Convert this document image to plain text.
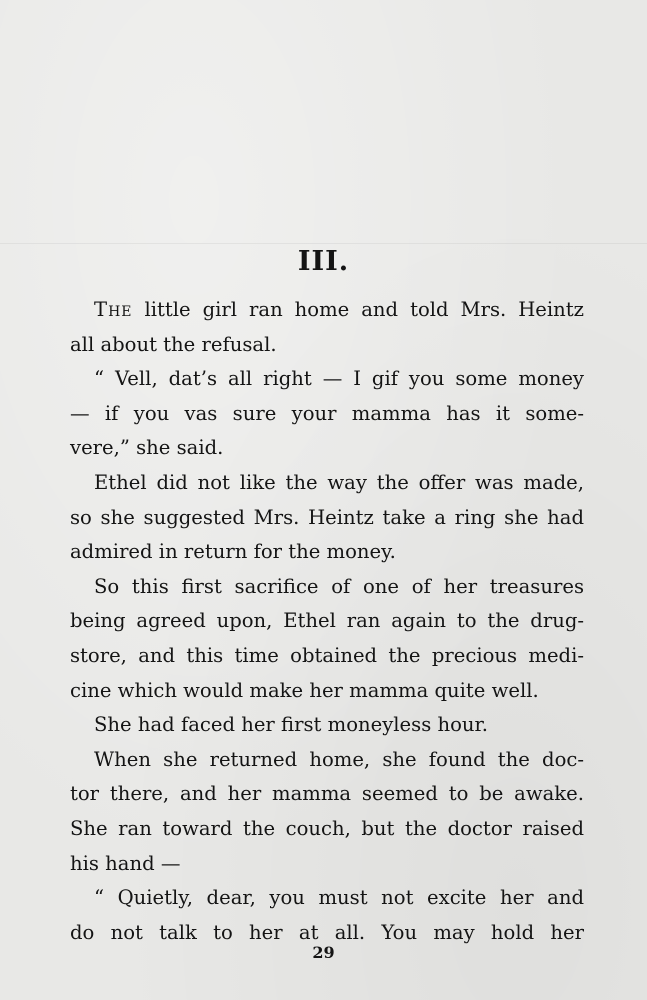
III.
The little girl ran home and told Mrs. Heintz
all about the refusal.
“ Vell, dat’s all right — I gif you some money
— if you vas sure your mamma has it some-
vere,” she said.
Ethel did not like the way the offer was made,
so she suggested Mrs. Heintz take a ring she had
admired in return for the money.
So this first sacrifice of one of her treasures
being agreed upon, Ethel ran again to the drug-
store, and this time obtained the precious medi-
cine which would make her mamma quite well.
She had faced her first moneyless hour.
When she returned home, she found the doc-
tor there, and her mamma seemed to be awake.
She ran toward the couch, but the doctor raised
his hand —
“ Quietly, dear, you must not excite her and
do not talk to her at all. You may hold her
29
